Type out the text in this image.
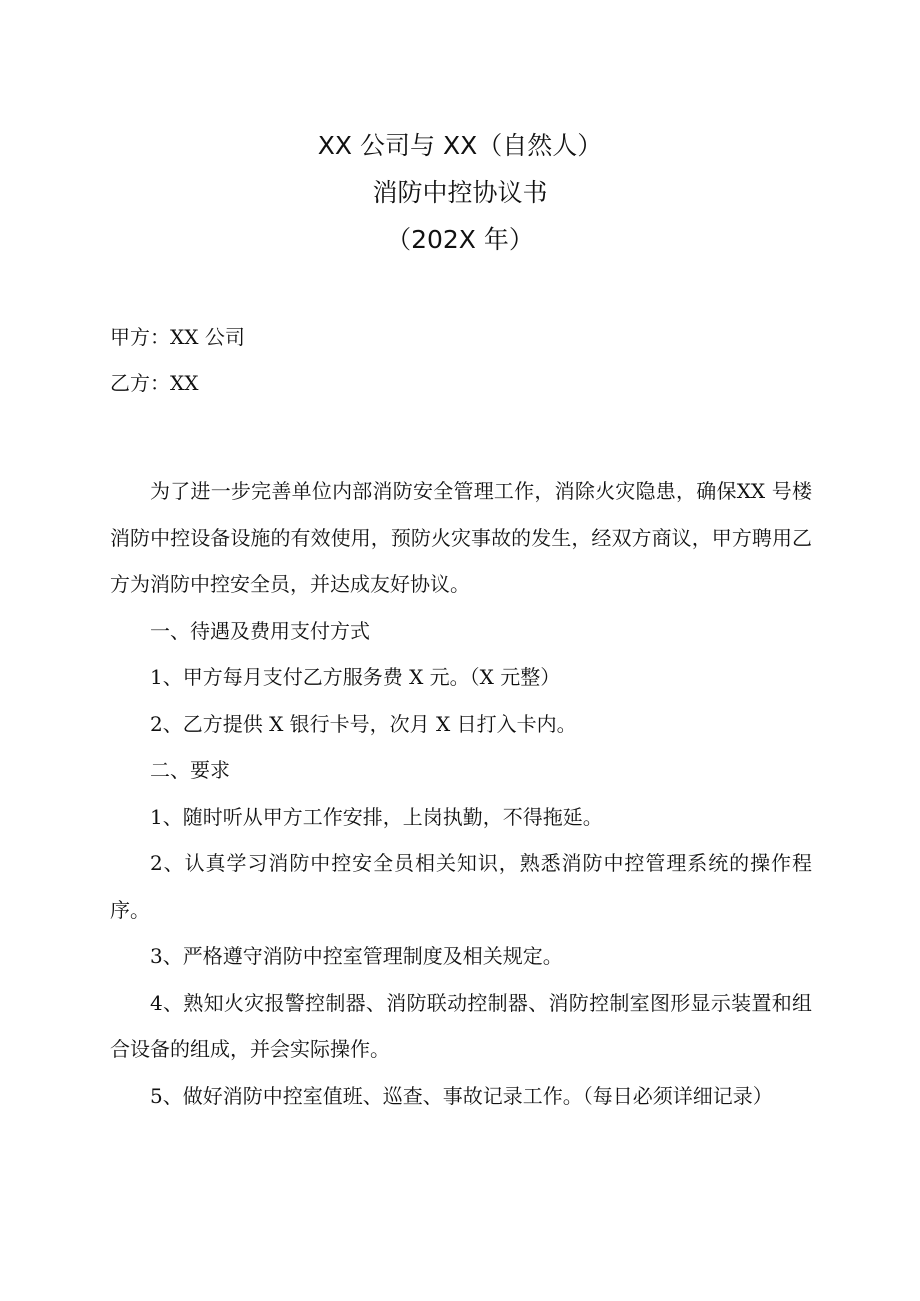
XX 公司与 XX（自然人）
消防中控协议书
（202X 年）
甲方：XX 公司
乙方：XX

为了进一步完善单位内部消防安全管理工作，消除火灾隐患，确保XX 号楼消防中控设备设施的有效使用，预防火灾事故的发生，经双方商议，甲方聘用乙方为消防中控安全员，并达成友好协议。

一、待遇及费用支付方式

1、甲方每月支付乙方服务费 X 元。（X 元整）

2、乙方提供 X 银行卡号，次月 X 日打入卡内。

二、要求

1、随时听从甲方工作安排，上岗执勤，不得拖延。

2、认真学习消防中控安全员相关知识，熟悉消防中控管理系统的操作程序。

3、严格遵守消防中控室管理制度及相关规定。

4、熟知火灾报警控制器、消防联动控制器、消防控制室图形显示装置和组合设备的组成，并会实际操作。

5、做好消防中控室值班、巡查、事故记录工作。（每日必须详细记录）
